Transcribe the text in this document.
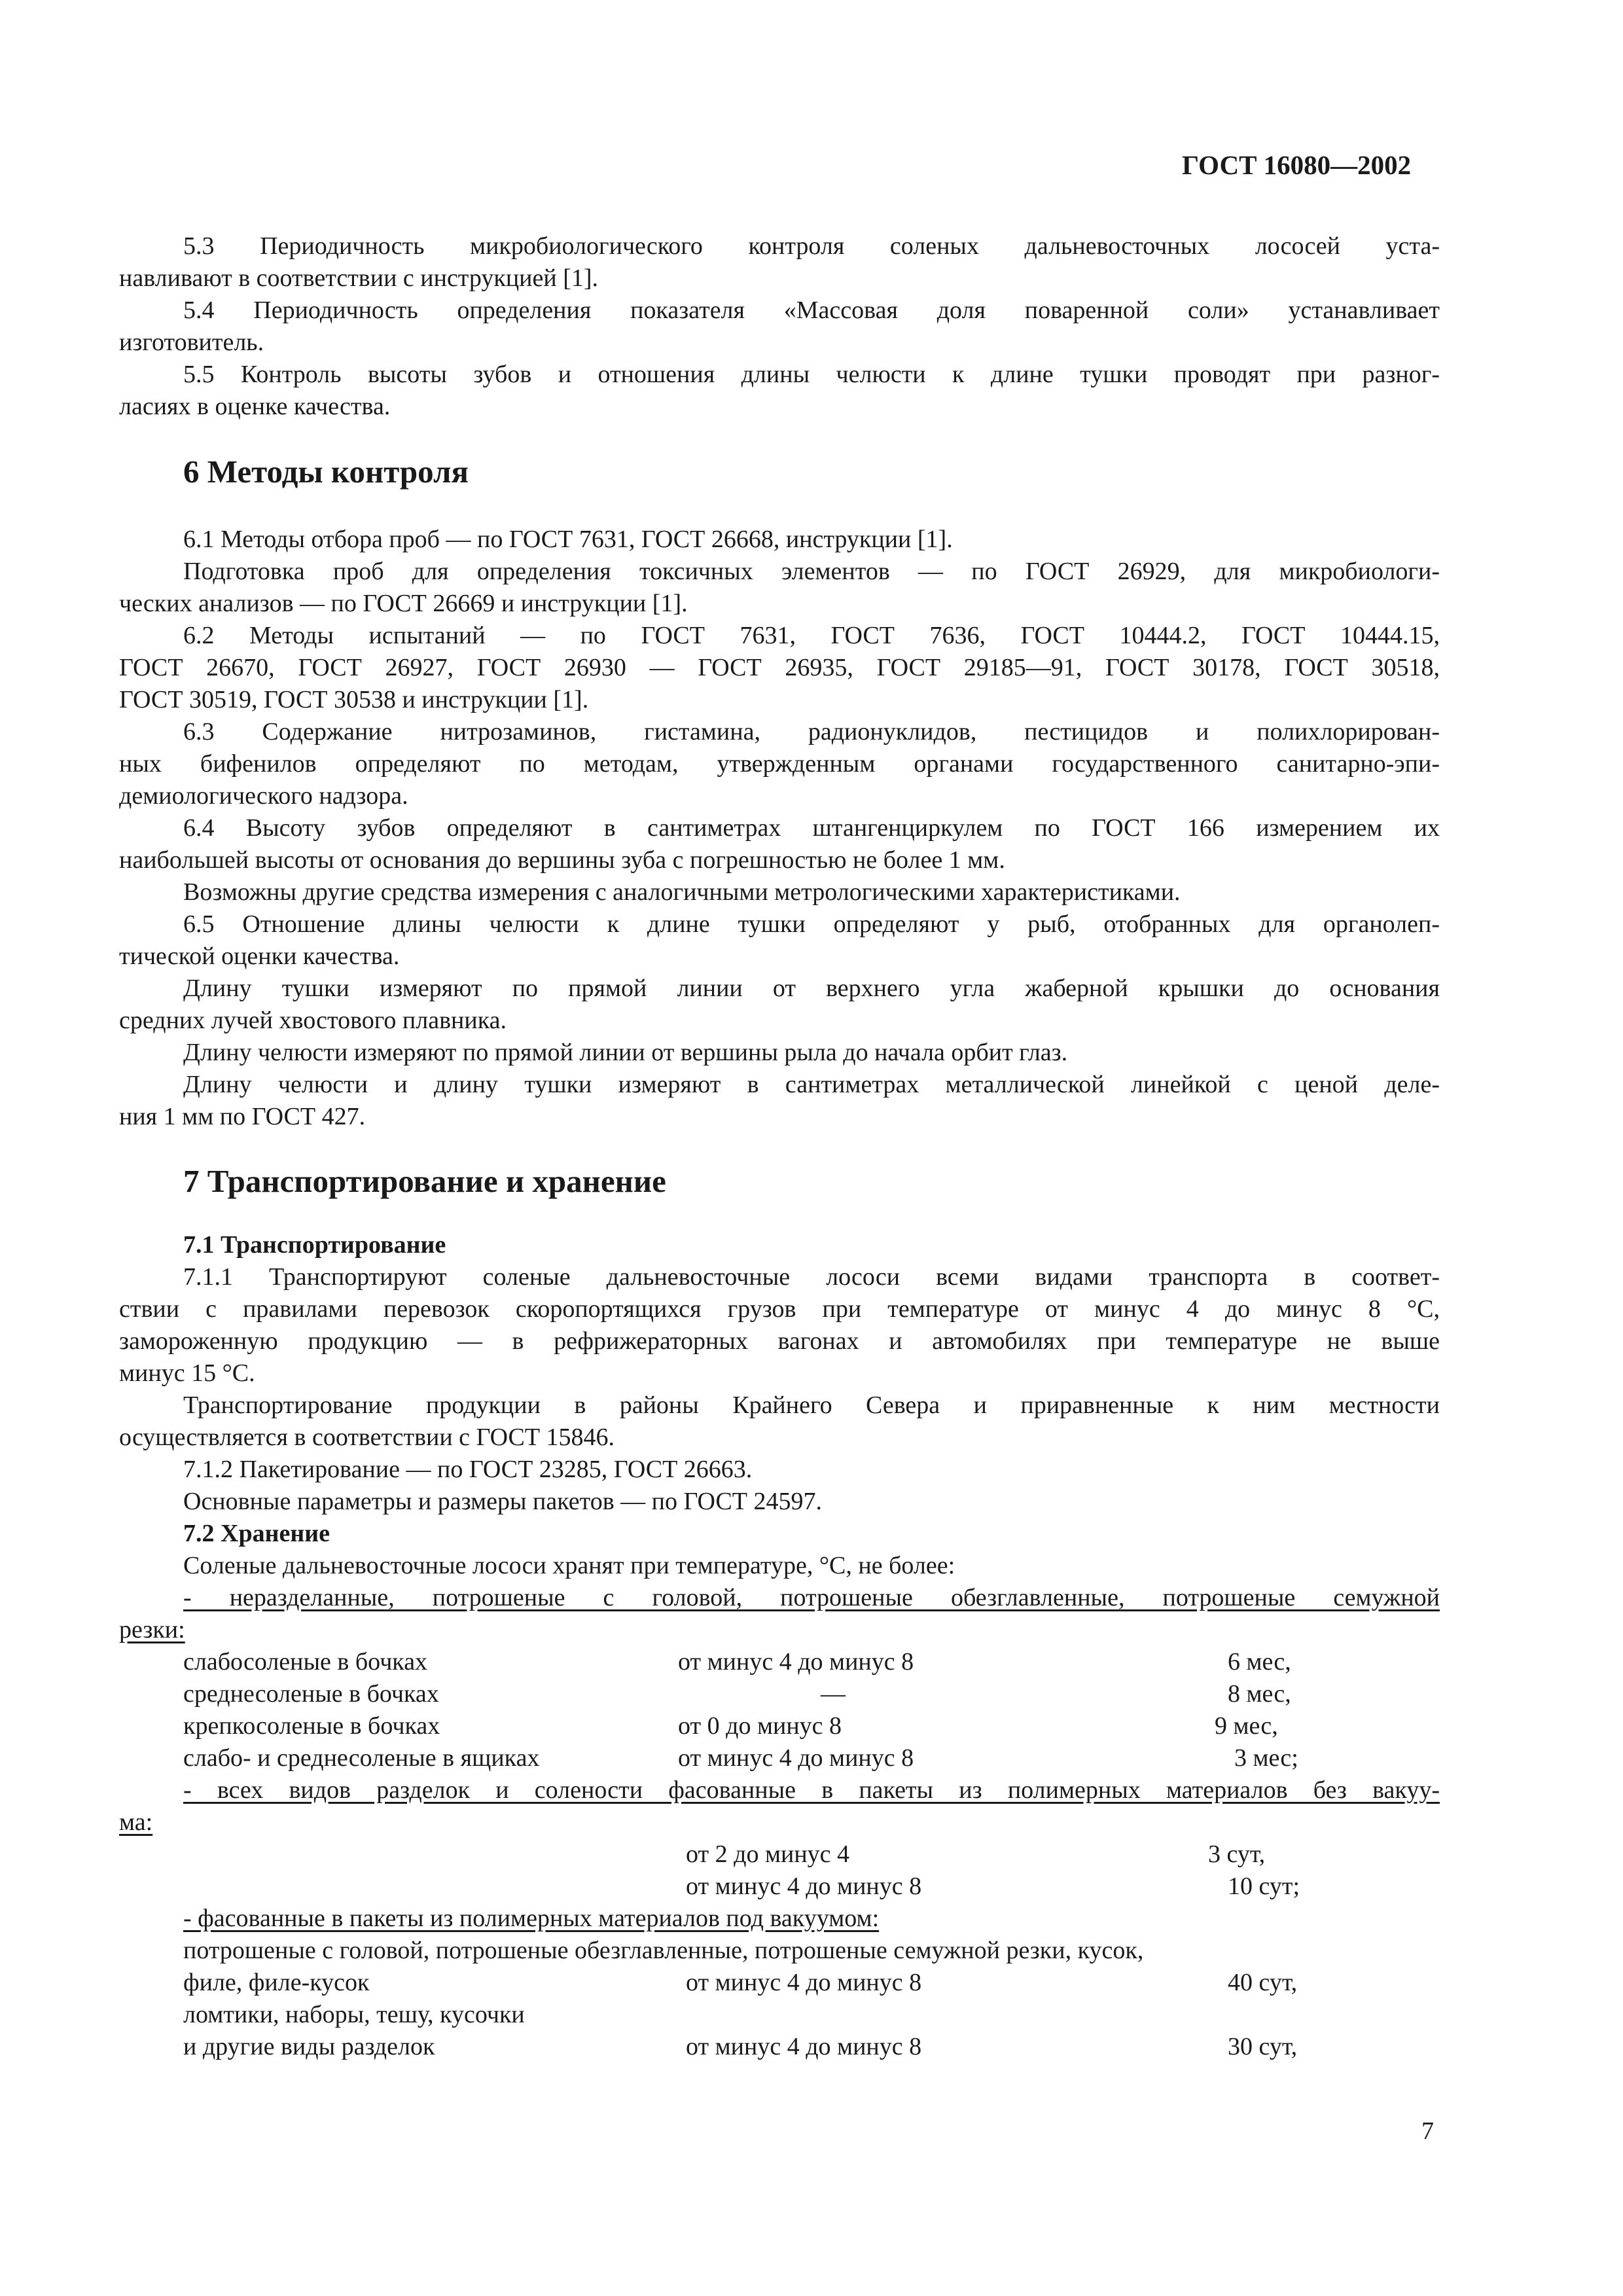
ГОСТ 16080—2002
5.3 Периодичность микробиологического контроля соленых дальневосточных лососей уста-
навливают в соответствии с инструкцией [1].
5.4 Периодичность определения показателя «Массовая доля поваренной соли» устанавливает
изготовитель.
5.5 Контроль высоты зубов и отношения длины челюсти к длине тушки проводят при разног-
ласиях в оценке качества.
6 Методы контроля
6.1 Методы отбора проб — по ГОСТ 7631, ГОСТ 26668, инструкции [1].
Подготовка проб для определения токсичных элементов — по ГОСТ 26929, для микробиологи-
ческих анализов — по ГОСТ 26669 и инструкции [1].
6.2 Методы испытаний — по ГОСТ 7631, ГОСТ 7636, ГОСТ 10444.2, ГОСТ 10444.15,
ГОСТ 26670, ГОСТ 26927, ГОСТ 26930 — ГОСТ 26935, ГОСТ 29185—91, ГОСТ 30178, ГОСТ 30518,
ГОСТ 30519, ГОСТ 30538 и инструкции [1].
6.3 Содержание нитрозаминов, гистамина, радионуклидов, пестицидов и полихлорирован-
ных бифенилов определяют по методам, утвержденным органами государственного санитарно-эпи-
демиологического надзора.
6.4 Высоту зубов определяют в сантиметрах штангенциркулем по ГОСТ 166 измерением их
наибольшей высоты от основания до вершины зуба с погрешностью не более 1 мм.
Возможны другие средства измерения с аналогичными метрологическими характеристиками.
6.5 Отношение длины челюсти к длине тушки определяют у рыб, отобранных для органолеп-
тической оценки качества.
Длину тушки измеряют по прямой линии от верхнего угла жаберной крышки до основания
средних лучей хвостового плавника.
Длину челюсти измеряют по прямой линии от вершины рыла до начала орбит глаз.
Длину челюсти и длину тушки измеряют в сантиметрах металлической линейкой с ценой деле-
ния 1 мм по ГОСТ 427.
7 Транспортирование и хранение
7.1 Транспортирование
7.1.1 Транспортируют соленые дальневосточные лососи всеми видами транспорта в соответ-
ствии с правилами перевозок скоропортящихся грузов при температуре от минус 4 до минус 8 °С,
замороженную продукцию — в рефрижераторных вагонах и автомобилях при температуре не выше
минус 15 °С.
Транспортирование продукции в районы Крайнего Севера и приравненные к ним местности
осуществляется в соответствии с ГОСТ 15846.
7.1.2 Пакетирование — по ГОСТ 23285, ГОСТ 26663.
Основные параметры и размеры пакетов — по ГОСТ 24597.
7.2 Хранение
Соленые дальневосточные лососи хранят при температуре, °С, не более:
- неразделанные, потрошеные с головой, потрошеные обезглавленные, потрошеные семужной
резки:
слабосоленые в бочках	от минус 4 до минус 8	6 мес,
среднесоленые в бочках	—	8 мес,
крепкосоленые в бочках	от 0 до минус 8	9 мес,
слабо- и среднесоленые в ящиках	от минус 4 до минус 8	3 мес;
- всех видов разделок и солености фасованные в пакеты из полимерных материалов без вакуу-
ма:
от 2 до минус 4	3 сут,
от минус 4 до минус 8	10 сут;
- фасованные в пакеты из полимерных материалов под вакуумом:
потрошеные с головой, потрошеные обезглавленные, потрошеные семужной резки, кусок,
филе, филе-кусок	от минус 4 до минус 8	40 сут,
ломтики, наборы, тешу, кусочки
и другие виды разделок	от минус 4 до минус 8	30 сут,
7
